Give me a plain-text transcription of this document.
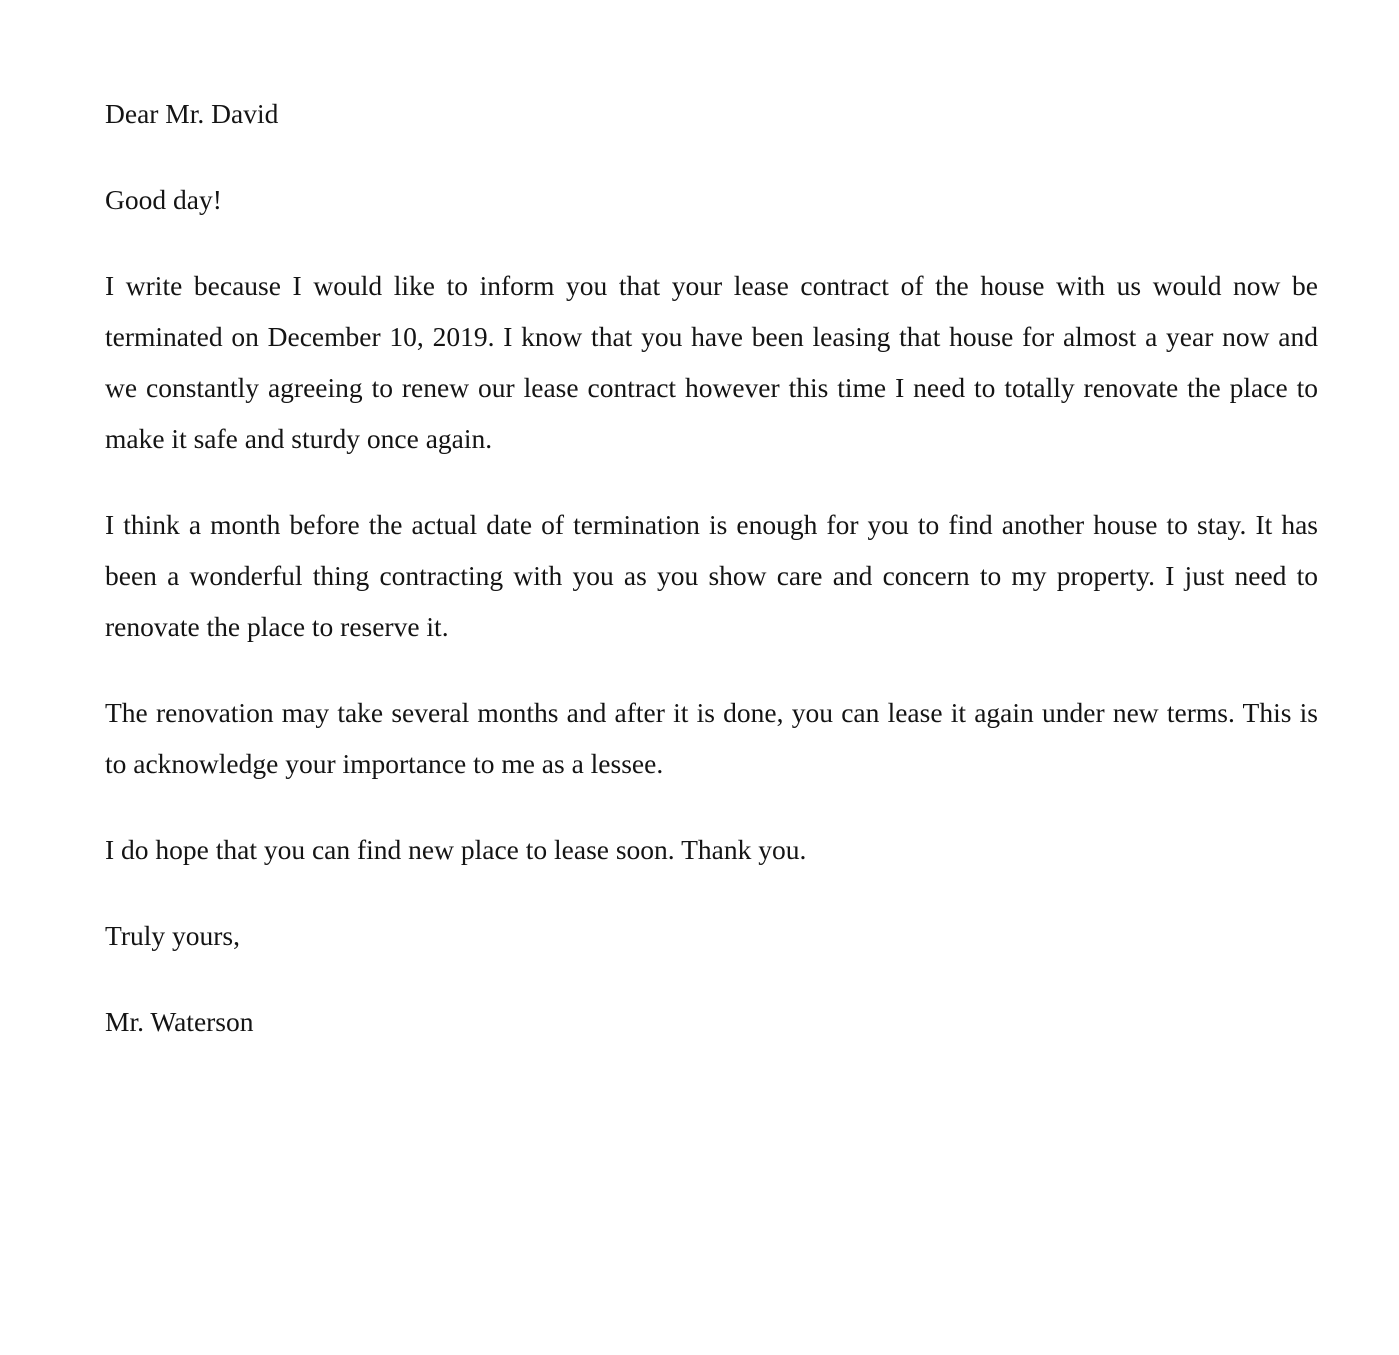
Dear Mr. David

Good day!

I write because I would like to inform you that your lease contract of the house with us would now be terminated on December 10, 2019. I know that you have been leasing that house for almost a year now and we constantly agreeing to renew our lease contract however this time I need to totally renovate the place to make it safe and sturdy once again.

I think a month before the actual date of termination is enough for you to find another house to stay. It has been a wonderful thing contracting with you as you show care and concern to my property. I just need to renovate the place to reserve it.

The renovation may take several months and after it is done, you can lease it again under new terms. This is to acknowledge your importance to me as a lessee.

I do hope that you can find new place to lease soon. Thank you.

Truly yours,

Mr. Waterson
